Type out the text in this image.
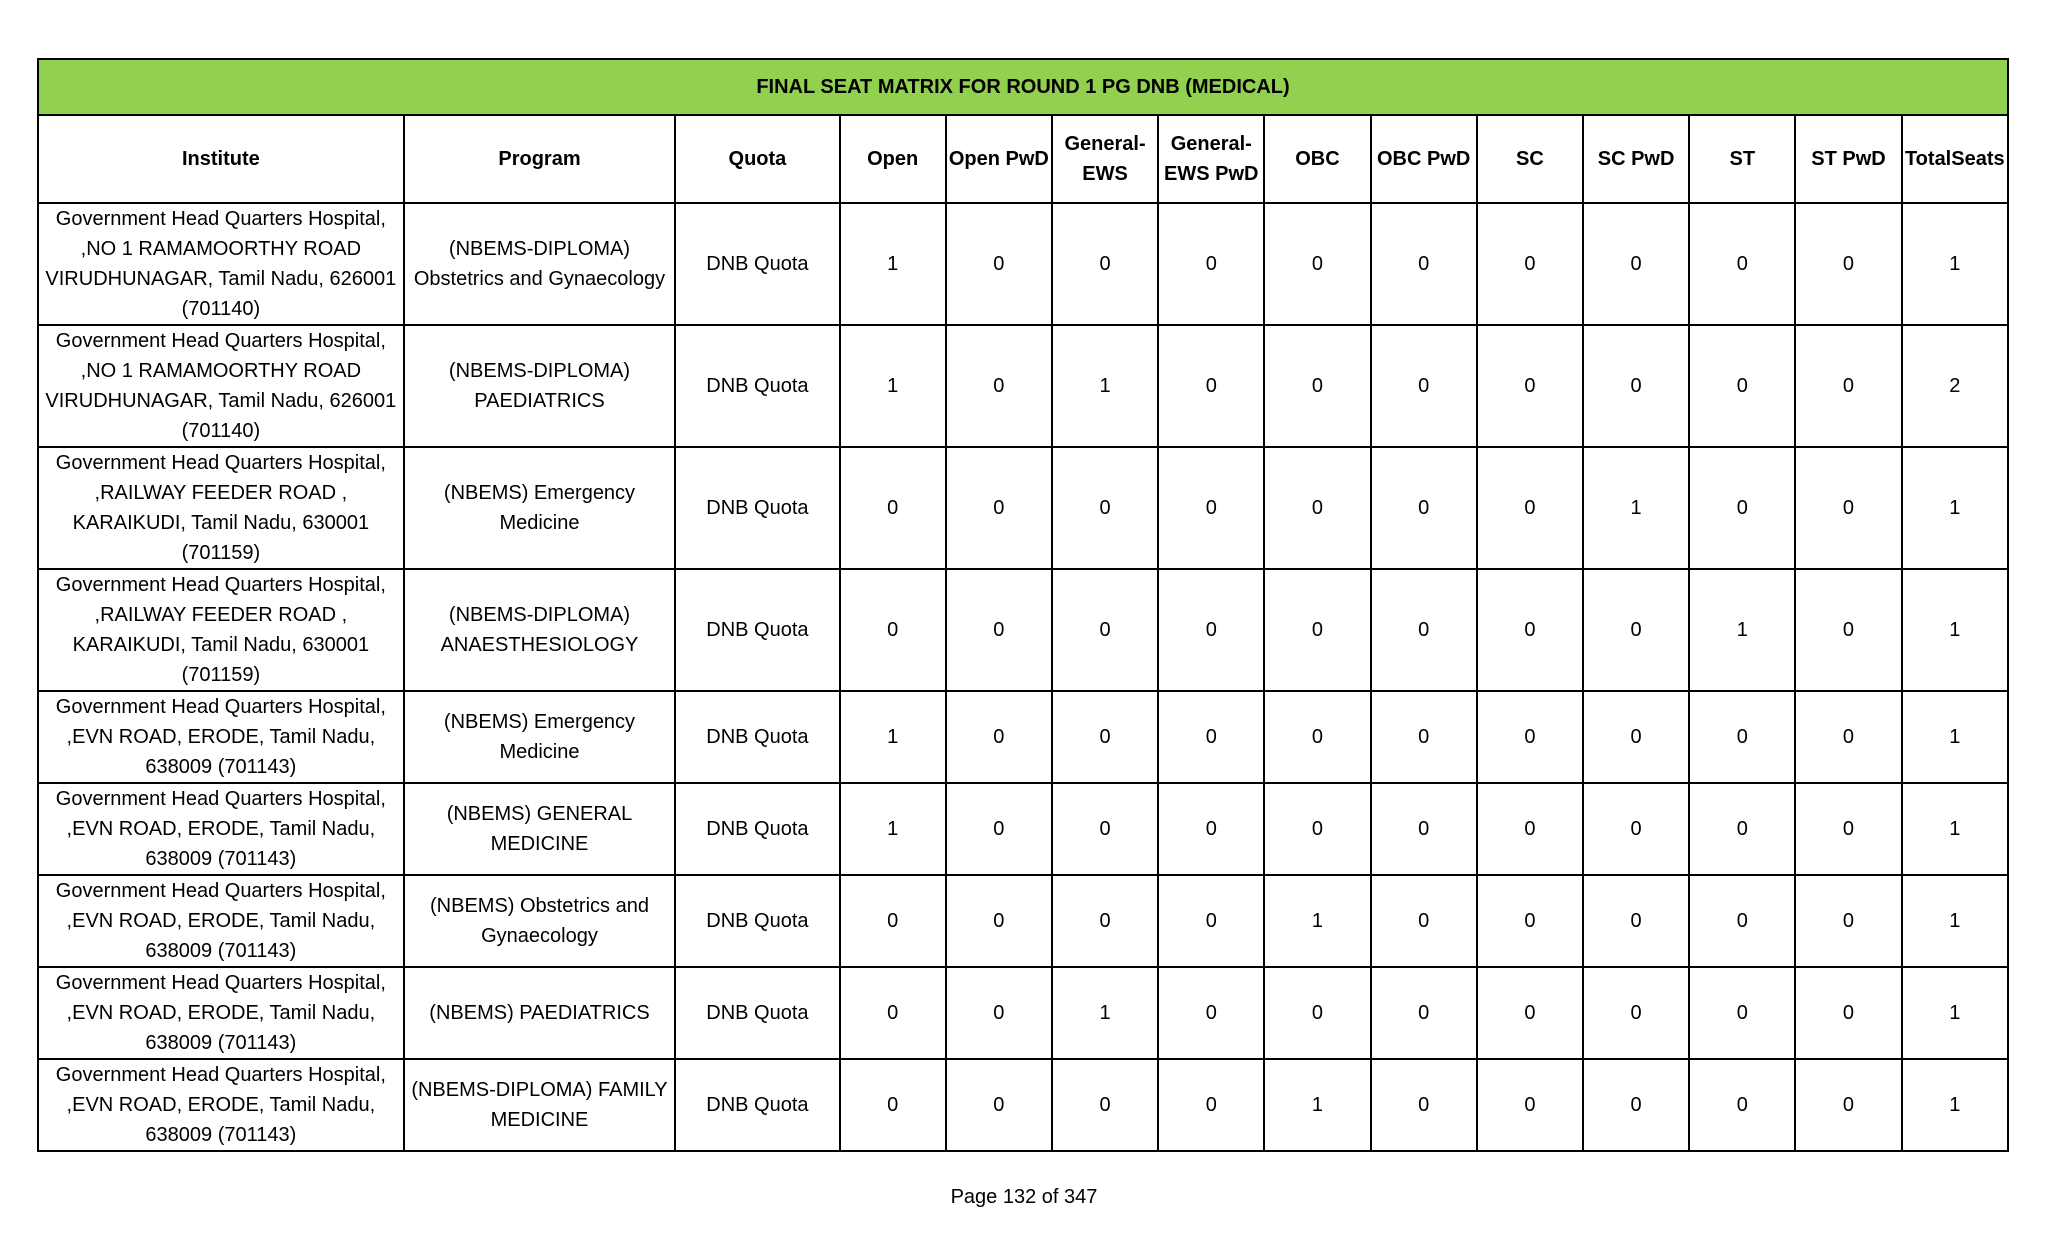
FINAL SEAT MATRIX FOR ROUND 1 PG DNB (MEDICAL)													
Institute	Program	Quota	Open	Open PwD	General-EWS	General-EWS PwD	OBC	OBC PwD	SC	SC PwD	ST	ST PwD	TotalSeats
Government Head Quarters Hospital, ,NO 1 RAMAMOORTHY ROAD VIRUDHUNAGAR, Tamil Nadu, 626001 (701140)	(NBEMS-DIPLOMA) Obstetrics and Gynaecology	DNB Quota	1	0	0	0	0	0	0	0	0	0	1
Government Head Quarters Hospital, ,NO 1 RAMAMOORTHY ROAD VIRUDHUNAGAR, Tamil Nadu, 626001 (701140)	(NBEMS-DIPLOMA) PAEDIATRICS	DNB Quota	1	0	1	0	0	0	0	0	0	0	2
Government Head Quarters Hospital, ,RAILWAY FEEDER ROAD , KARAIKUDI, Tamil Nadu, 630001 (701159)	(NBEMS) Emergency Medicine	DNB Quota	0	0	0	0	0	0	0	1	0	0	1
Government Head Quarters Hospital, ,RAILWAY FEEDER ROAD , KARAIKUDI, Tamil Nadu, 630001 (701159)	(NBEMS-DIPLOMA) ANAESTHESIOLOGY	DNB Quota	0	0	0	0	0	0	0	0	1	0	1
Government Head Quarters Hospital, ,EVN ROAD, ERODE, Tamil Nadu, 638009 (701143)	(NBEMS) Emergency Medicine	DNB Quota	1	0	0	0	0	0	0	0	0	0	1
Government Head Quarters Hospital, ,EVN ROAD, ERODE, Tamil Nadu, 638009 (701143)	(NBEMS) GENERAL MEDICINE	DNB Quota	1	0	0	0	0	0	0	0	0	0	1
Government Head Quarters Hospital, ,EVN ROAD, ERODE, Tamil Nadu, 638009 (701143)	(NBEMS) Obstetrics and Gynaecology	DNB Quota	0	0	0	0	1	0	0	0	0	0	1
Government Head Quarters Hospital, ,EVN ROAD, ERODE, Tamil Nadu, 638009 (701143)	(NBEMS) PAEDIATRICS	DNB Quota	0	0	1	0	0	0	0	0	0	0	1
Government Head Quarters Hospital, ,EVN ROAD, ERODE, Tamil Nadu, 638009 (701143)	(NBEMS-DIPLOMA) FAMILY MEDICINE	DNB Quota	0	0	0	0	1	0	0	0	0	0	1
Page 132 of 347
